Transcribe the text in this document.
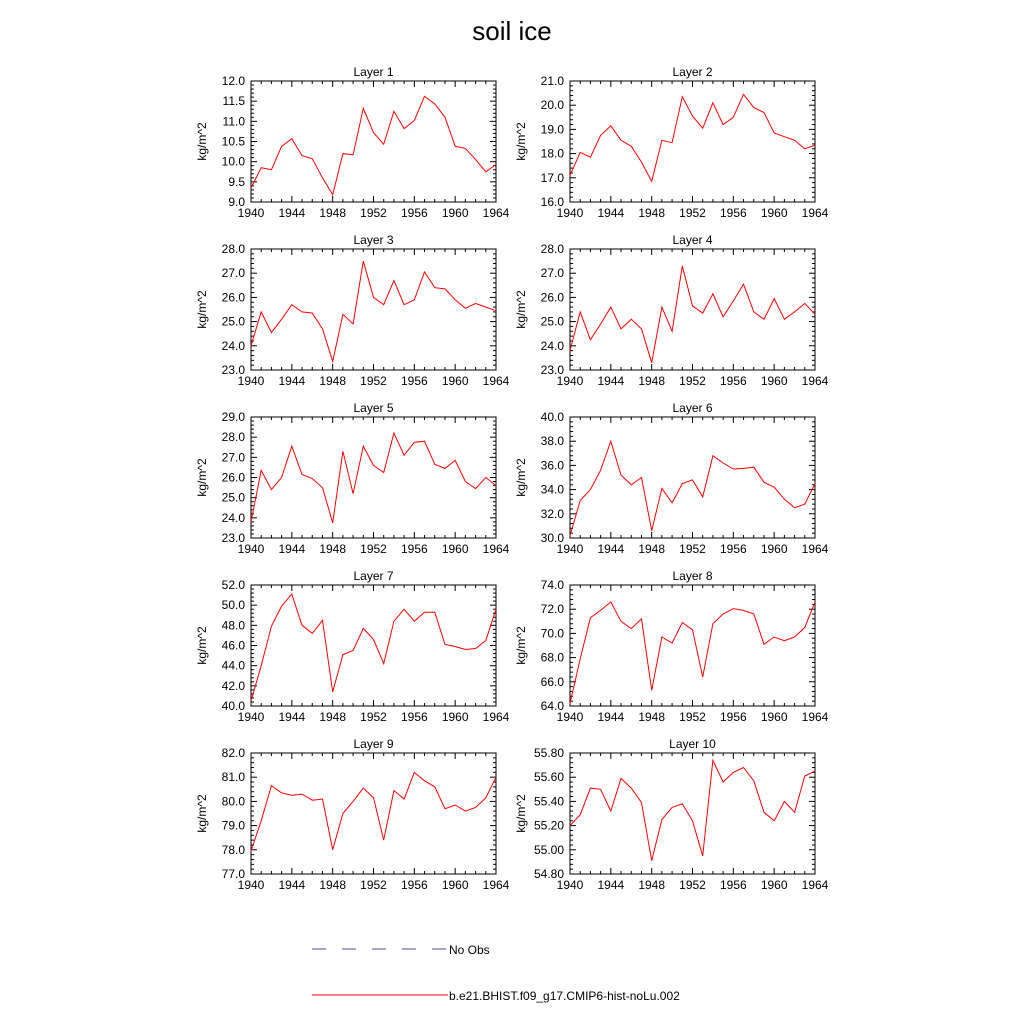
soil ice
Layer 1
kg/m^2
1940 1944 1948 1952 1956 1960 1964
9.0
9.5
10.0
10.5
11.0
11.5
12.0
Layer 2
kg/m^2
1940 1944 1948 1952 1956 1960 1964
16.0
17.0
18.0
19.0
20.0
21.0
Layer 3
kg/m^2
1940 1944 1948 1952 1956 1960 1964
23.0
24.0
25.0
26.0
27.0
28.0
Layer 4
kg/m^2
1940 1944 1948 1952 1956 1960 1964
23.0
24.0
25.0
26.0
27.0
28.0
Layer 5
kg/m^2
1940 1944 1948 1952 1956 1960 1964
23.0
24.0
25.0
26.0
27.0
28.0
29.0
Layer 6
kg/m^2
1940 1944 1948 1952 1956 1960 1964
30.0
32.0
34.0
36.0
38.0
40.0
Layer 7
kg/m^2
1940 1944 1948 1952 1956 1960 1964
40.0
42.0
44.0
46.0
48.0
50.0
52.0
Layer 8
kg/m^2
1940 1944 1948 1952 1956 1960 1964
64.0
66.0
68.0
70.0
72.0
74.0
Layer 9
kg/m^2
1940 1944 1948 1952 1956 1960 1964
77.0
78.0
79.0
80.0
81.0
82.0
Layer 10
kg/m^2
1940 1944 1948 1952 1956 1960 1964
54.80
55.00
55.20
55.40
55.60
55.80
No Obs
b.e21.BHIST.f09_g17.CMIP6-hist-noLu.002
